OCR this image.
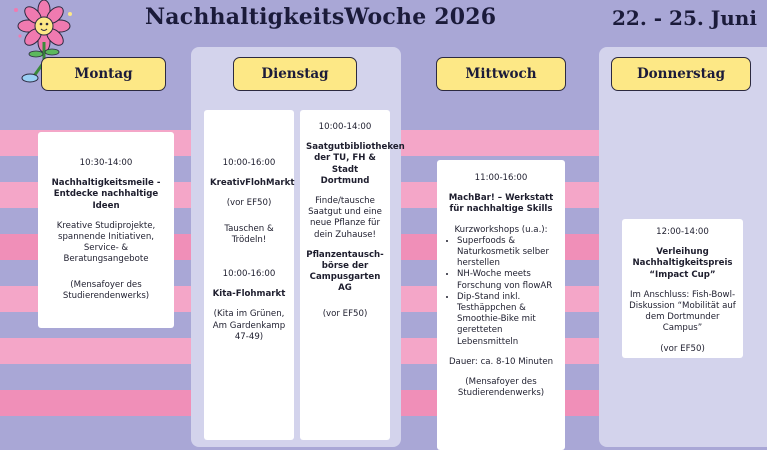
NachhaltigkeitsWoche 2026	22. - 25. Juni
Montag	Dienstag	Mittwoch	Donnerstag

10:30-14:00

Nachhaltigkeitsmeile - Entdecke nachhaltige Ideen

Kreative Studiprojekte, spannende Initiativen, Service- & Beratungsangebote

(Mensafoyer des Studierendenwerks)

10:00-16:00

KreativFlohMarkt

(vor EF50)

Tauschen & Trödeln!

10:00-16:00

Kita-Flohmarkt

(Kita im Grünen, Am Gardenkamp 47-49)

10:00-14:00

Saatgutbibliotheken der TU, FH & Stadt Dortmund

Finde/tausche Saatgut und eine neue Pflanze für dein Zuhause!

Pflanzentausch-börse der Campusgarten AG

(vor EF50)

11:00-16:00

MachBar! – Werkstatt für nachhaltige Skills

Kurzworkshops (u.a.):

• Superfoods & Naturkosmetik selber herstellen
• NH-Woche meets Forschung von flowAR
• Dip-Stand inkl. Testhäppchen & Smoothie-Bike mit geretteten Lebensmitteln

Dauer: ca. 8-10 Minuten

(Mensafoyer des Studierendenwerks)

12:00-14:00

Verleihung Nachhaltigkeitspreis “Impact Cup”

Im Anschluss: Fish-Bowl-Diskussion “Mobilität auf dem Dortmunder Campus”

(vor EF50)
